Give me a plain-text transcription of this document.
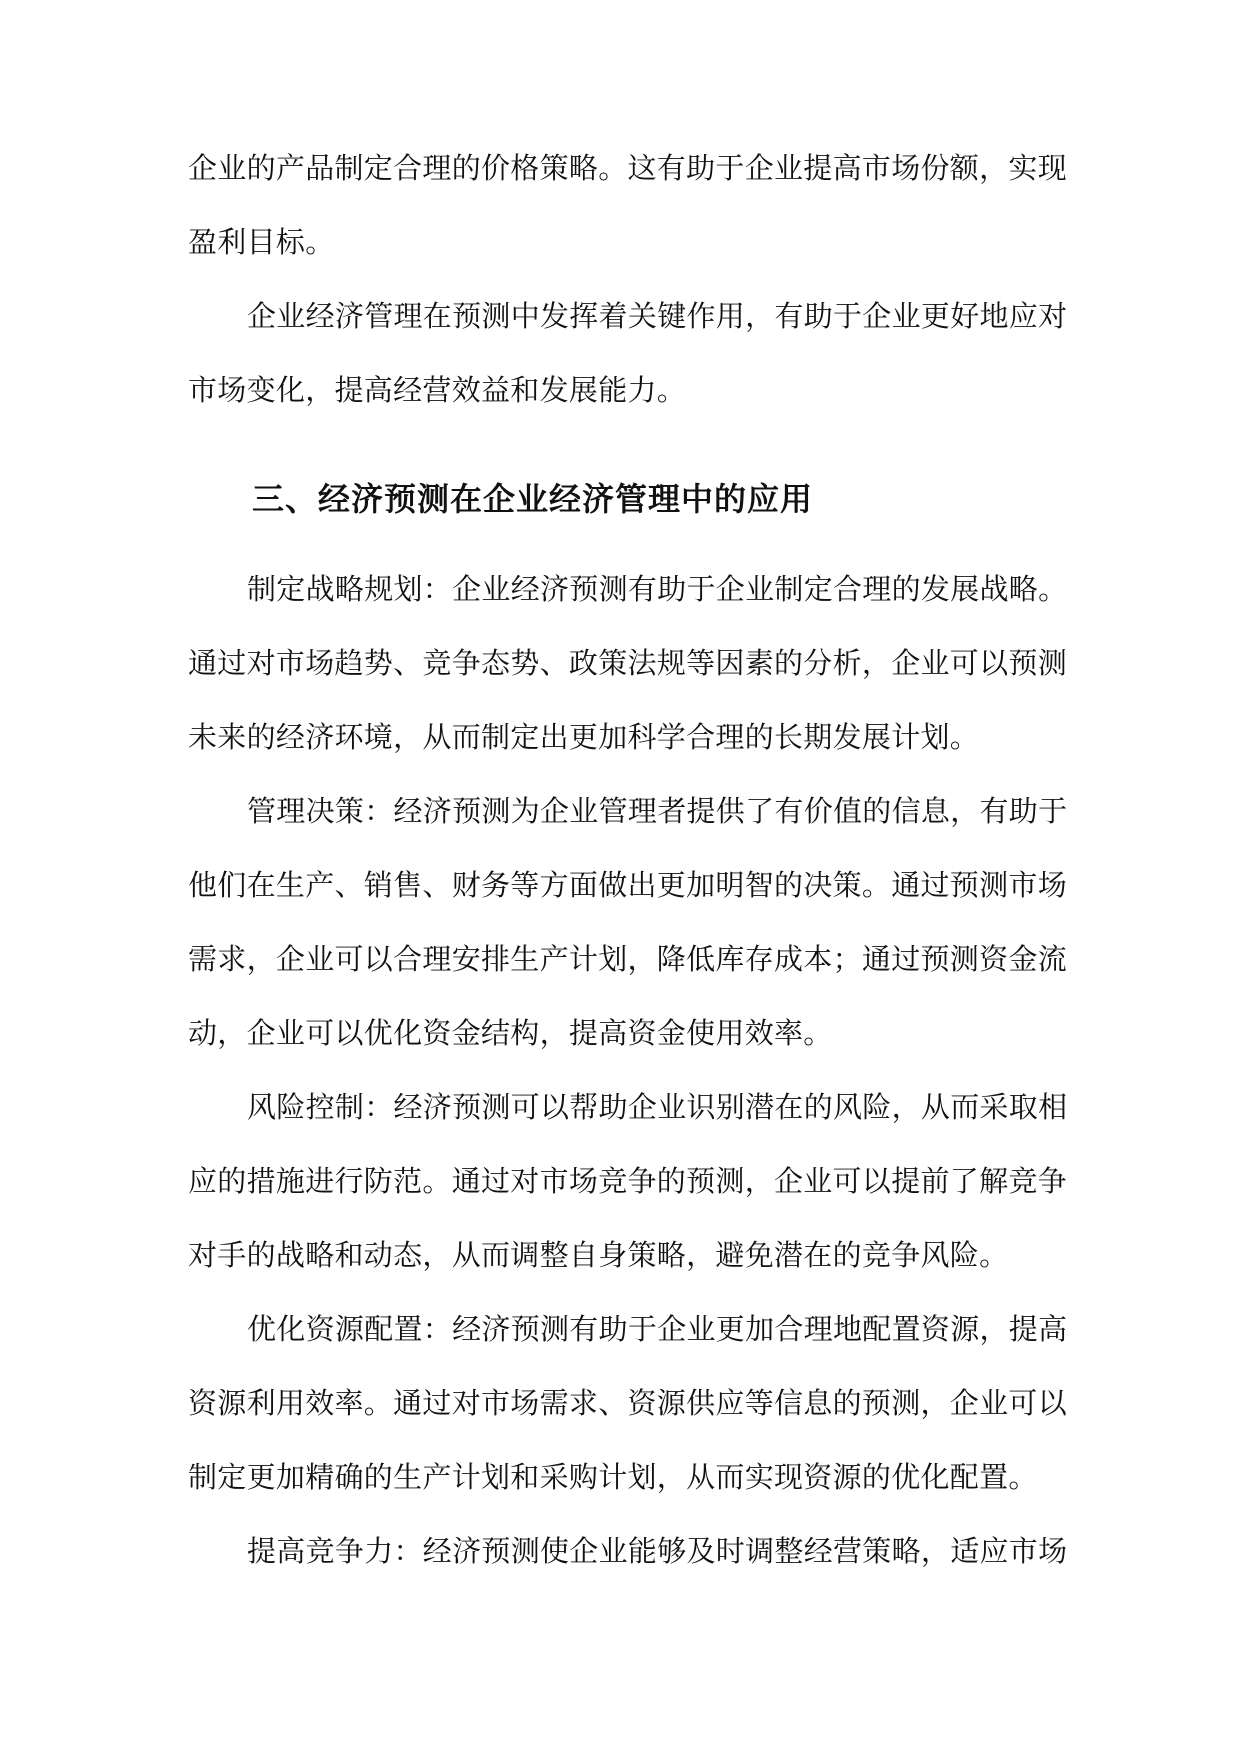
企业的产品制定合理的价格策略。这有助于企业提高市场份额，实现
盈利目标。
企业经济管理在预测中发挥着关键作用，有助于企业更好地应对
市场变化，提高经营效益和发展能力。
三、经济预测在企业经济管理中的应用
制定战略规划：企业经济预测有助于企业制定合理的发展战略。
通过对市场趋势、竞争态势、政策法规等因素的分析，企业可以预测
未来的经济环境，从而制定出更加科学合理的长期发展计划。
管理决策：经济预测为企业管理者提供了有价值的信息，有助于
他们在生产、销售、财务等方面做出更加明智的决策。通过预测市场
需求，企业可以合理安排生产计划，降低库存成本；通过预测资金流
动，企业可以优化资金结构，提高资金使用效率。
风险控制：经济预测可以帮助企业识别潜在的风险，从而采取相
应的措施进行防范。通过对市场竞争的预测，企业可以提前了解竞争
对手的战略和动态，从而调整自身策略，避免潜在的竞争风险。
优化资源配置：经济预测有助于企业更加合理地配置资源，提高
资源利用效率。通过对市场需求、资源供应等信息的预测，企业可以
制定更加精确的生产计划和采购计划，从而实现资源的优化配置。
提高竞争力：经济预测使企业能够及时调整经营策略，适应市场
